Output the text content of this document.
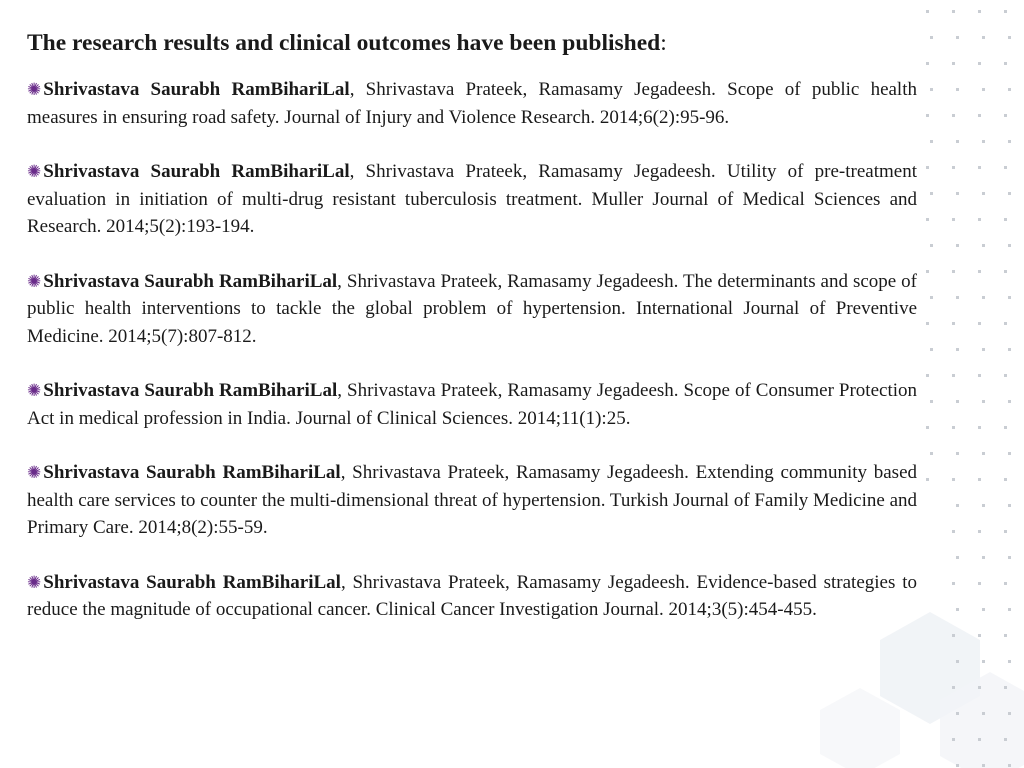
The research results and clinical outcomes have been published:

✺ Shrivastava Saurabh RamBihariLal, Shrivastava Prateek, Ramasamy Jegadeesh. Scope of public health measures in ensuring road safety. Journal of Injury and Violence Research. 2014;6(2):95-96.

✺ Shrivastava Saurabh RamBihariLal, Shrivastava Prateek, Ramasamy Jegadeesh. Utility of pre-treatment evaluation in initiation of multi-drug resistant tuberculosis treatment. Muller Journal of Medical Sciences and Research. 2014;5(2):193-194.

✺ Shrivastava Saurabh RamBihariLal, Shrivastava Prateek, Ramasamy Jegadeesh. The determinants and scope of public health interventions to tackle the global problem of hypertension. International Journal of Preventive Medicine. 2014;5(7):807-812.

✺ Shrivastava Saurabh RamBihariLal, Shrivastava Prateek, Ramasamy Jegadeesh. Scope of Consumer Protection Act in medical profession in India. Journal of Clinical Sciences. 2014;11(1):25.

✺ Shrivastava Saurabh RamBihariLal, Shrivastava Prateek, Ramasamy Jegadeesh. Extending community based health care services to counter the multi-dimensional threat of hypertension. Turkish Journal of Family Medicine and Primary Care. 2014;8(2):55-59.

✺ Shrivastava Saurabh RamBihariLal, Shrivastava Prateek, Ramasamy Jegadeesh. Evidence-based strategies to reduce the magnitude of occupational cancer. Clinical Cancer Investigation Journal. 2014;3(5):454-455.
